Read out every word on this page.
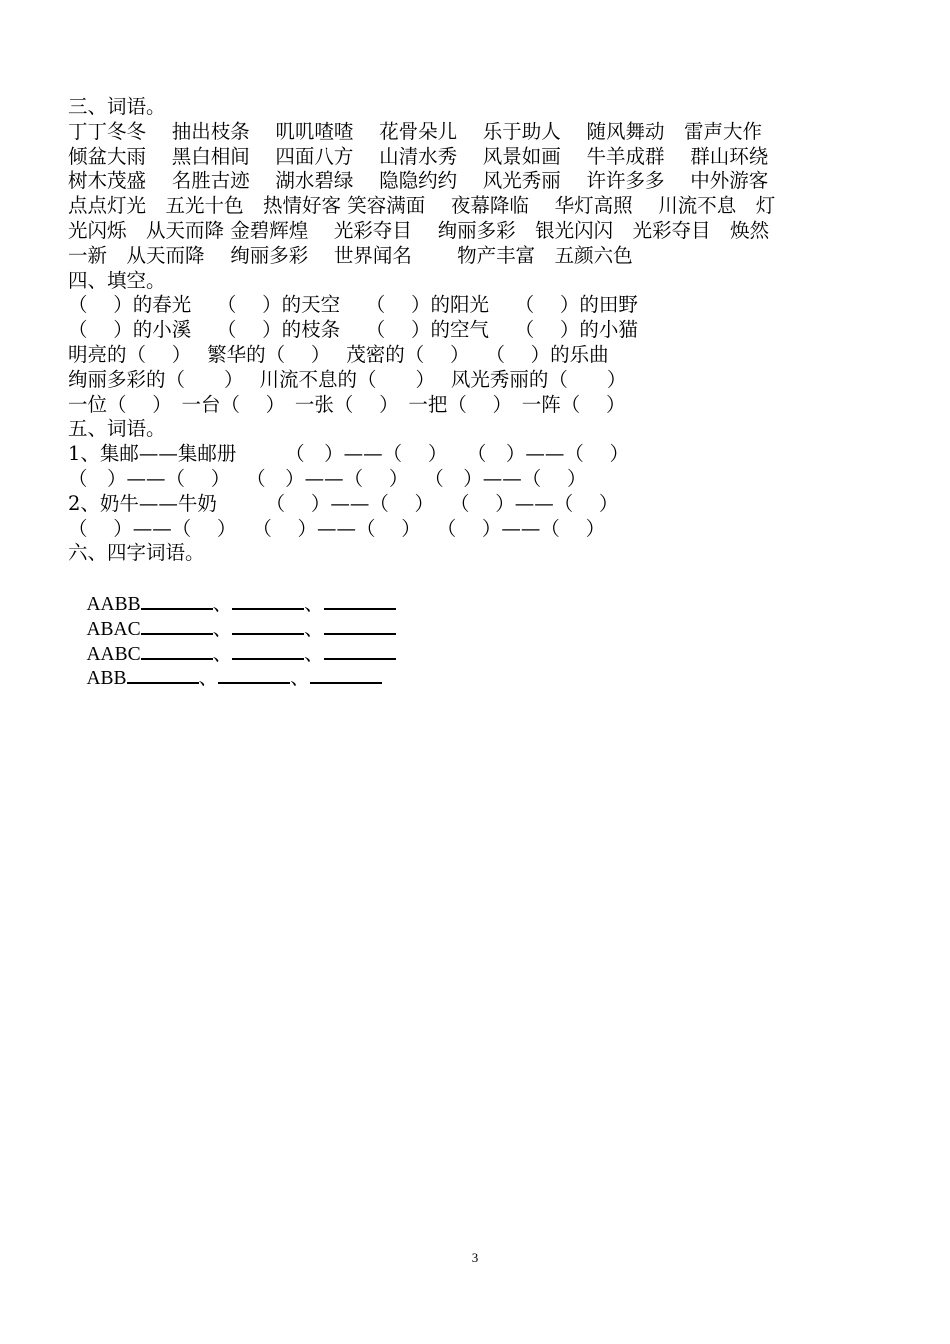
三、词语。
丁丁冬冬　 抽出枝条　 叽叽喳喳　 花骨朵儿　 乐于助人　 随风舞动　雷声大作
倾盆大雨　 黑白相间　 四面八方　 山清水秀　 风景如画　 牛羊成群　 群山环绕
树木茂盛　 名胜古迹　 湖水碧绿　 隐隐约约　 风光秀丽　 许许多多　 中外游客
点点灯光　五光十色　热情好客 笑容满面　 夜幕降临　 华灯高照　 川流不息　灯
光闪烁　从天而降 金碧辉煌　 光彩夺目　 绚丽多彩　银光闪闪　光彩夺目　焕然
一新　从天而降　 绚丽多彩　 世界闻名　 　物产丰富　五颜六色
四、填空。
（　 ）的春光　 （　 ）的天空　 （　 ）的阳光　 （　 ）的田野
（　 ）的小溪　 （　 ）的枝条　 （　 ）的空气　 （　 ）的小猫
明亮的（　 ）　 繁华的（　 ）　 茂密的（　 ）　 （　 ）的乐曲
绚丽多彩的（　　）　 川流不息的（　　）　 风光秀丽的（　　）
一位（　 ）　一台（　 ）　一张（　 ）　一把（　 ）　一阵（　 ）
五、词语。
1、集邮——集邮册　　　（　）——（　 ）　　（　）——（　 ）
（　）——（　 ）　 （　）——（　 ）　 （　）——（　 ）
2、奶牛——牛奶　　　（　 ）——（　 ）　 （　 ）——（　 ）
（　 ）——（　 ）　 （　 ）——（　 ）　 （　 ）——（　 ）
六、四字词语。

AABB	、	、

ABAC	、	、

AABC	、	、

ABB	、	、

3
